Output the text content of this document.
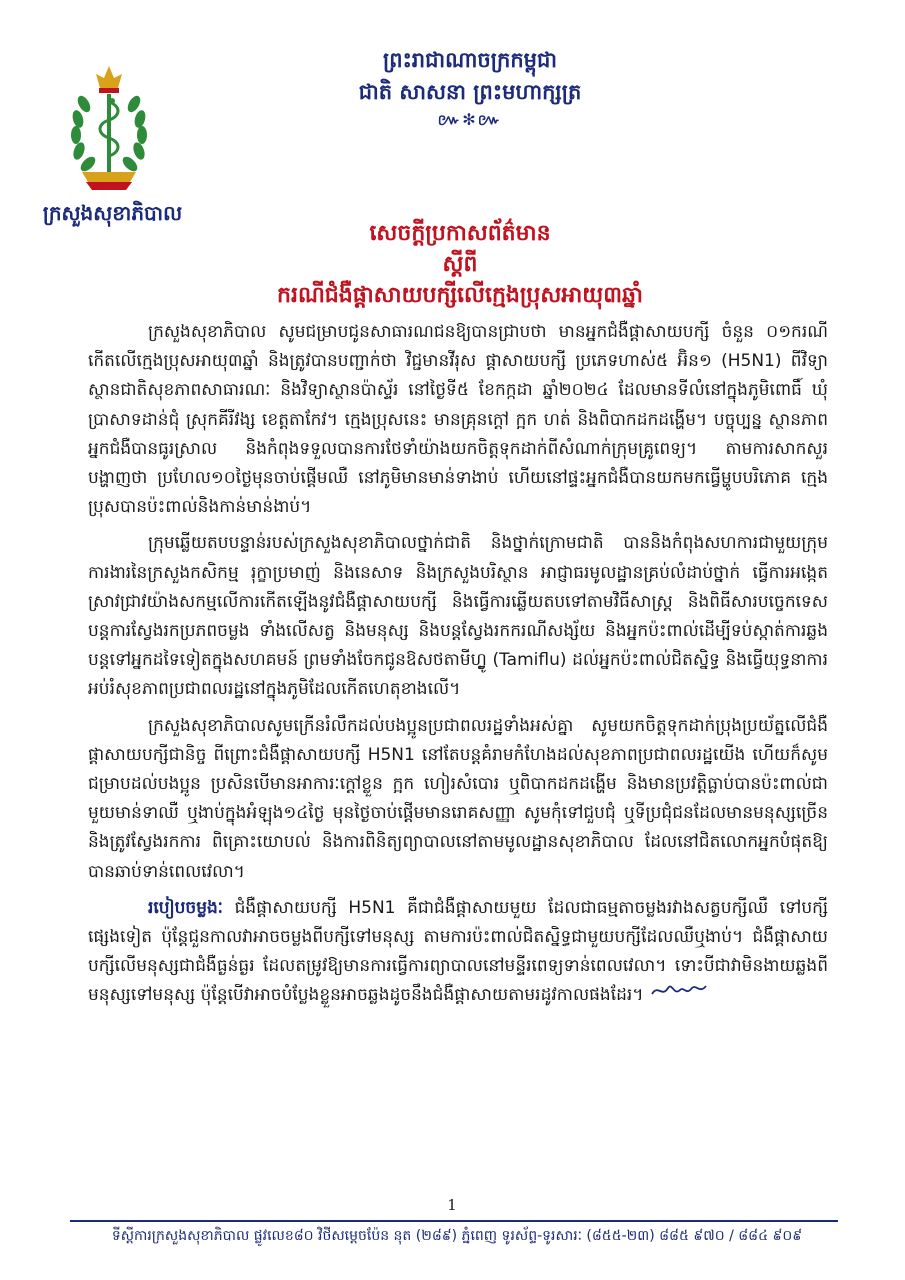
ក្រសួងសុខាភិបាល
ព្រះរាជាណាចក្រកម្ពុជា
ជាតិ សាសនា ព្រះមហាក្សត្រ
៚✻៚
សេចក្តីប្រកាសព័ត៌មាន
ស្តីពី
ករណីជំងឺផ្តាសាយបក្សីលើក្មេងប្រុសអាយុ៣ឆ្នាំ

ក្រសួងសុខាភិបាល សូមជម្រាបជូនសាធារណជនឱ្យបានជ្រាបថា មានអ្នកជំងឺផ្តាសាយបក្សី ចំនួន ០១ករណី កើតលើក្មេងប្រុសអាយុ៣ឆ្នាំ និងត្រូវបានបញ្ជាក់ថា វិជ្ជមានវីរុស ផ្តាសាយបក្សី ប្រភេទហាស់៥ អ៊ិន១ (H5N1) ពីវិទ្យាស្ថានជាតិសុខភាពសាធារណៈ និងវិទ្យាស្ថានប៉ាស្ទ័រ នៅថ្ងៃទី៥ ខែកក្កដា ឆ្នាំ២០២៤ ដែលមានទីលំនៅក្នុងភូមិពោធិ៍ ឃុំប្រាសាទដាន់ជុំ ស្រុកគីរីវង្ស ខេត្តតាកែវ។ ក្មេងប្រុសនេះ មានគ្រុនក្តៅ ក្អក ហត់ និងពិបាកដកដង្ហើម។ បច្ចុប្បន្ន ស្ថានភាពអ្នកជំងឺបានធូរស្រាល និងកំពុងទទួលបានការថែទាំយ៉ាងយកចិត្តទុកដាក់ពីសំណាក់ក្រុមគ្រូពេទ្យ។ តាមការសាកសួរបង្ហាញថា ប្រហែល១០ថ្ងៃមុនចាប់ផ្តើមឈឺ នៅភូមិមានមាន់ទាងាប់ ហើយនៅផ្ទះអ្នកជំងឺបានយកមកធ្វើម្ហូបបរិភោគ ក្មេងប្រុសបានប៉ះពាល់និងកាន់មាន់ងាប់។

ក្រុមឆ្លើយតបបន្ទាន់របស់ក្រសួងសុខាភិបាលថ្នាក់ជាតិ និងថ្នាក់ក្រោមជាតិ បាននិងកំពុងសហការជាមួយក្រុមការងារនៃក្រសួងកសិកម្ម រុក្ខាប្រមាញ់ និងនេសាទ និងក្រសួងបរិស្ថាន អាជ្ញាធរមូលដ្ឋានគ្រប់លំដាប់ថ្នាក់ ធ្វើការអង្កេតស្រាវជ្រាវយ៉ាងសកម្មលើការកើតឡើងនូវជំងឺផ្តាសាយបក្សី និងធ្វើការឆ្លើយតបទៅតាមវិធីសាស្ត្រ និងពិធីសារបច្ចេកទេស បន្តការស្វែងរកប្រភពចម្លង ទាំងលើសត្វ និងមនុស្ស និងបន្តស្វែងរកករណីសង្ស័យ និងអ្នកប៉ះពាល់ដើម្បីទប់ស្កាត់ការឆ្លងបន្តទៅអ្នកដទៃទៀតក្នុងសហគមន៍ ព្រមទាំងចែកជូនឱសថតាមីហ្វ្លូ (Tamiflu) ដល់អ្នកប៉ះពាល់ជិតស្និទ្ធ និងធ្វើយុទ្ធនាការអប់រំសុខភាពប្រជាពលរដ្ឋនៅក្នុងភូមិដែលកើតហេតុខាងលើ។

ក្រសួងសុខាភិបាលសូមក្រើនរំលឹកដល់បងប្អូនប្រជាពលរដ្ឋទាំងអស់គ្នា សូមយកចិត្តទុកដាក់ប្រុងប្រយ័ត្នលើជំងឺផ្តាសាយបក្សីជានិច្ច ពីព្រោះជំងឺផ្តាសាយបក្សី H5N1 នៅតែបន្តគំរាមកំហែងដល់សុខភាពប្រជាពលរដ្ឋយើង ហើយក៏សូមជម្រាបដល់បងប្អូន ប្រសិនបើមានអាការៈក្តៅខ្លួន ក្អក ហៀរសំបោរ ឬពិបាកដកដង្ហើម និងមានប្រវត្តិធ្លាប់បានប៉ះពាល់ជាមួយមាន់ទាឈឺ ឬងាប់ក្នុងអំឡុង១៤ថ្ងៃ មុនថ្ងៃចាប់ផ្តើមមានរោគសញ្ញា សូមកុំទៅជួបជុំ ឬទីប្រជុំជនដែលមានមនុស្សច្រើន និងត្រូវស្វែងរកការ ពិគ្រោះយោបល់ និងការពិនិត្យព្យាបាលនៅតាមមូលដ្ឋានសុខាភិបាល ដែលនៅជិតលោកអ្នកបំផុតឱ្យបានឆាប់ទាន់ពេលវេលា។

របៀបចម្លងៈ ជំងឺផ្តាសាយបក្សី H5N1 គឺជាជំងឺផ្តាសាយមួយ ដែលជាធម្មតាចម្លងរវាងសត្វបក្សីឈឺ ទៅបក្សីផ្សេងទៀត ប៉ុន្តែជួនកាលវាអាចចម្លងពីបក្សីទៅមនុស្ស តាមការប៉ះពាល់ជិតស្និទ្ធជាមួយបក្សីដែលឈឺឬងាប់។ ជំងឺផ្តាសាយបក្សីលើមនុស្សជាជំងឺធ្ងន់ធ្ងរ ដែលតម្រូវឱ្យមានការធ្វើការព្យាបាលនៅមន្ទីរពេទ្យទាន់ពេលវេលា។ ទោះបីជាវាមិនងាយឆ្លងពីមនុស្សទៅមនុស្ស ប៉ុន្តែបើវាអាចបំប្លែងខ្លួនអាចឆ្លងដូចនឹងជំងឺផ្តាសាយតាមរដូវកាលផងដែរ។

1
ទីស្តីការក្រសួងសុខាភិបាល ផ្លូវលេខ៨០ វិថីសម្តេចប៉ែន នុត (២៨៩) ភ្នំពេញ ទូរស័ព្ទ-ទូរសារៈ (៨៥៥-២៣) ៨៨៥ ៩៧០ / ៨៨៤ ៩០៩
